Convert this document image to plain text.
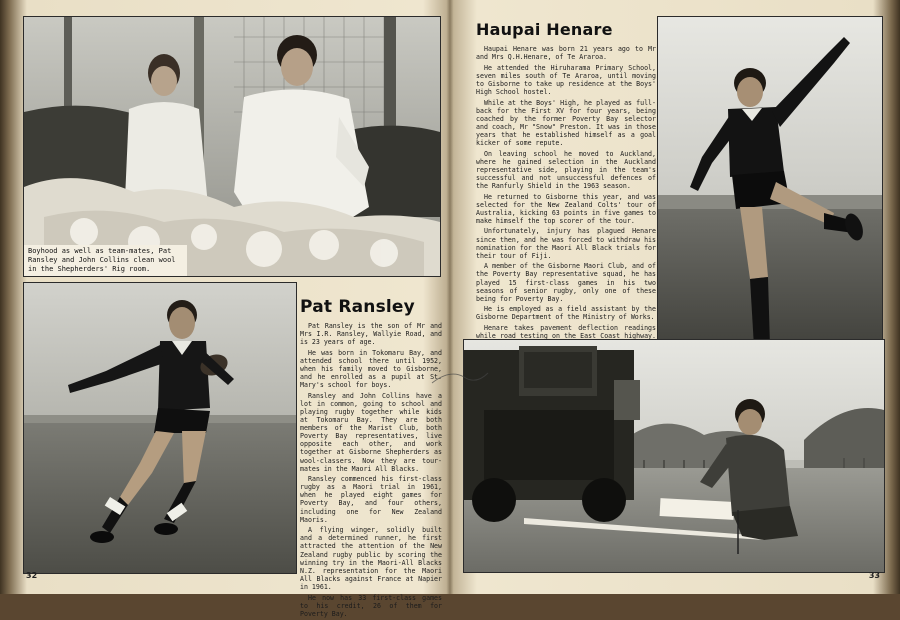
Boyhood as well as team-mates, Pat Ransley and John Collins clean wool in the Shepherders' Rig room.
Pat Ransley

Pat Ransley is the son of Mr and Mrs I.R. Ransley, Wallyie Road, and is 23 years of age.

He was born in Tokomaru Bay, and attended school there until 1952, when his family moved to Gisborne, and he enrolled as a pupil at St. Mary's school for boys.

Ransley and John Collins have a lot in common, going to school and playing rugby together while kids at Tokomaru Bay. They are both members of the Marist Club, both Poverty Bay representatives, live opposite each other, and work together at Gisborne Shepherders as wool-classers. Now they are tour-mates in the Maori All Blacks.

Ransley commenced his first-class rugby as a Maori trial in 1961, when he played eight games for Poverty Bay, and four others, including one for New Zealand Maoris.

A flying winger, solidly built and a determined runner, he first attracted the attention of the New Zealand rugby public by scoring the winning try in the Maori-All Blacks N.Z. representation for the Maori All Blacks against France at Napier in 1961.

He now has 33 first-class games to his credit, 26 of them for Poverty Bay.

32
Haupai Henare

Haupai Henare was born 21 years ago to Mr and Mrs Q.H.Henare, of Te Araroa.

He attended the Hiruharama Primary School, seven miles south of Te Araroa, until moving to Gisborne to take up residence at the Boys' High School hostel.

While at the Boys' High, he played as full-back for the First XV for four years, being coached by the former Poverty Bay selector and coach, Mr "Snow" Preston. It was in those years that he established himself as a goal kicker of some repute.

On leaving school he moved to Auckland, where he gained selection in the Auckland representative side, playing in the team's successful and not unsuccessful defences of the Ranfurly Shield in the 1963 season.

He returned to Gisborne this year, and was selected for the New Zealand Colts' tour of Australia, kicking 63 points in five games to make himself the top scorer of the tour.

Unfortunately, injury has plagued Henare since then, and he was forced to withdraw his nomination for the Maori All Black trials for their tour of Fiji.

A member of the Gisborne Maori Club, and of the Poverty Bay representative squad, he has played 15 first-class games in his two seasons of senior rugby, only one of these being for Poverty Bay.

He is employed as a field assistant by the Gisborne Department of the Ministry of Works.

Henare takes pavement deflection readings while road testing on the East Coast highway.

33
